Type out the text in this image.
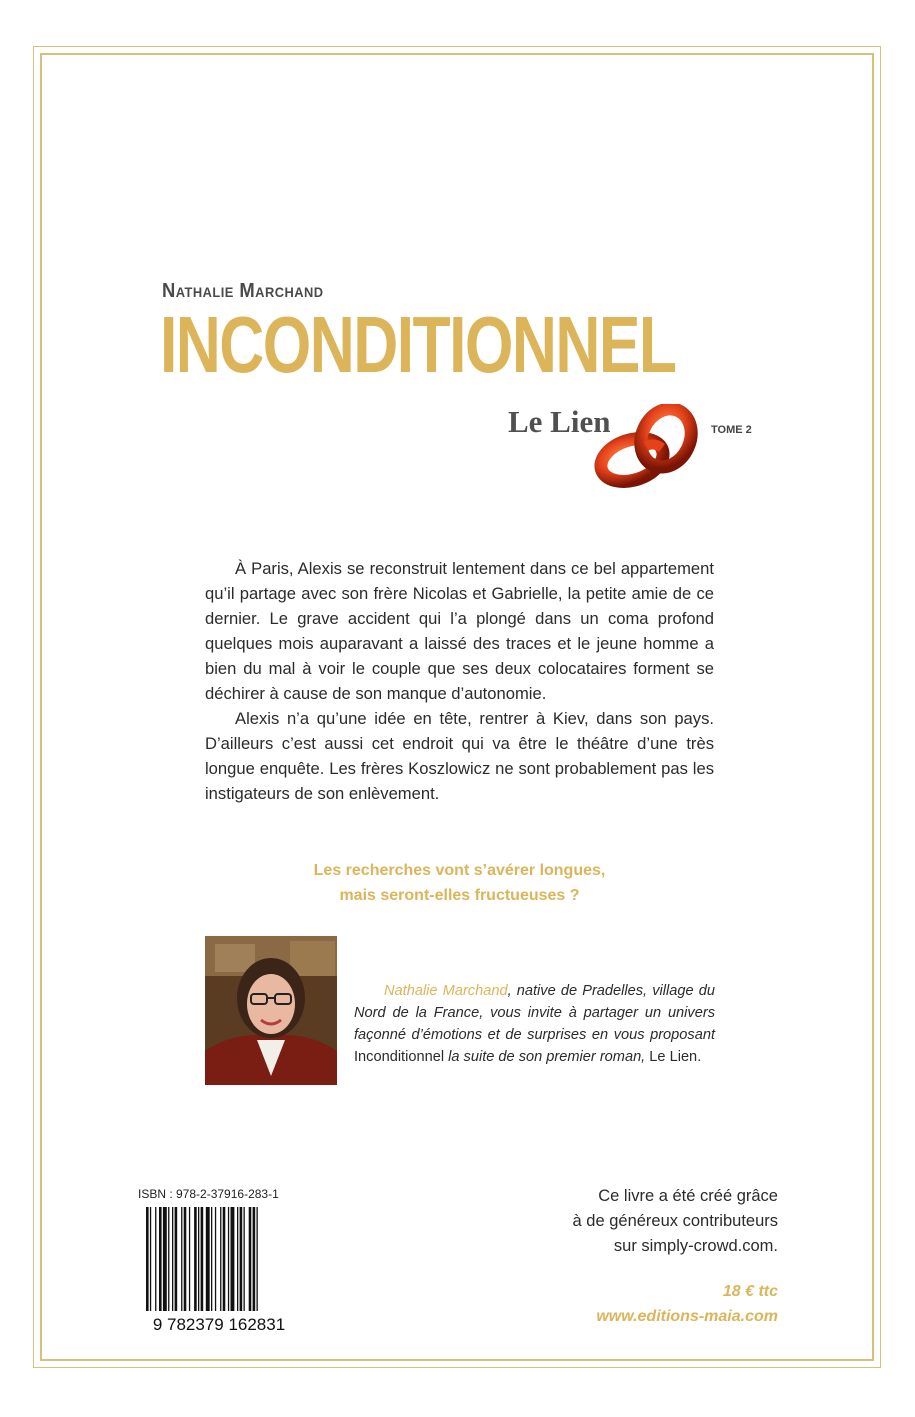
Nathalie Marchand
INCONDITIONNEL
Le Lien	TOME 2

À Paris, Alexis se reconstruit lentement dans ce bel appartement qu’il partage avec son frère Nicolas et Gabrielle, la petite amie de ce dernier. Le grave accident qui l’a plongé dans un coma profond quelques mois auparavant a laissé des traces et le jeune homme a bien du mal à voir le couple que ses deux colocataires forment se déchirer à cause de son manque d’autonomie.

Alexis n’a qu’une idée en tête, rentrer à Kiev, dans son pays. D’ailleurs c’est aussi cet endroit qui va être le théâtre d’une très longue enquête. Les frères Koszlowicz ne sont probablement pas les instigateurs de son enlèvement.

Les recherches vont s’avérer longues,
mais seront-elles fructueuses ?
Nathalie Marchand, native de Pradelles, village du Nord de la France, vous invite à partager un univers façonné d’émotions et de surprises en vous proposant Inconditionnel la suite de son premier roman, Le Lien.
ISBN : 978-2-37916-283-1
9 782379 162831
Ce livre a été créé grâce
à de généreux contributeurs
sur simply-crowd.com.
18 € ttc
www.editions-maia.com
